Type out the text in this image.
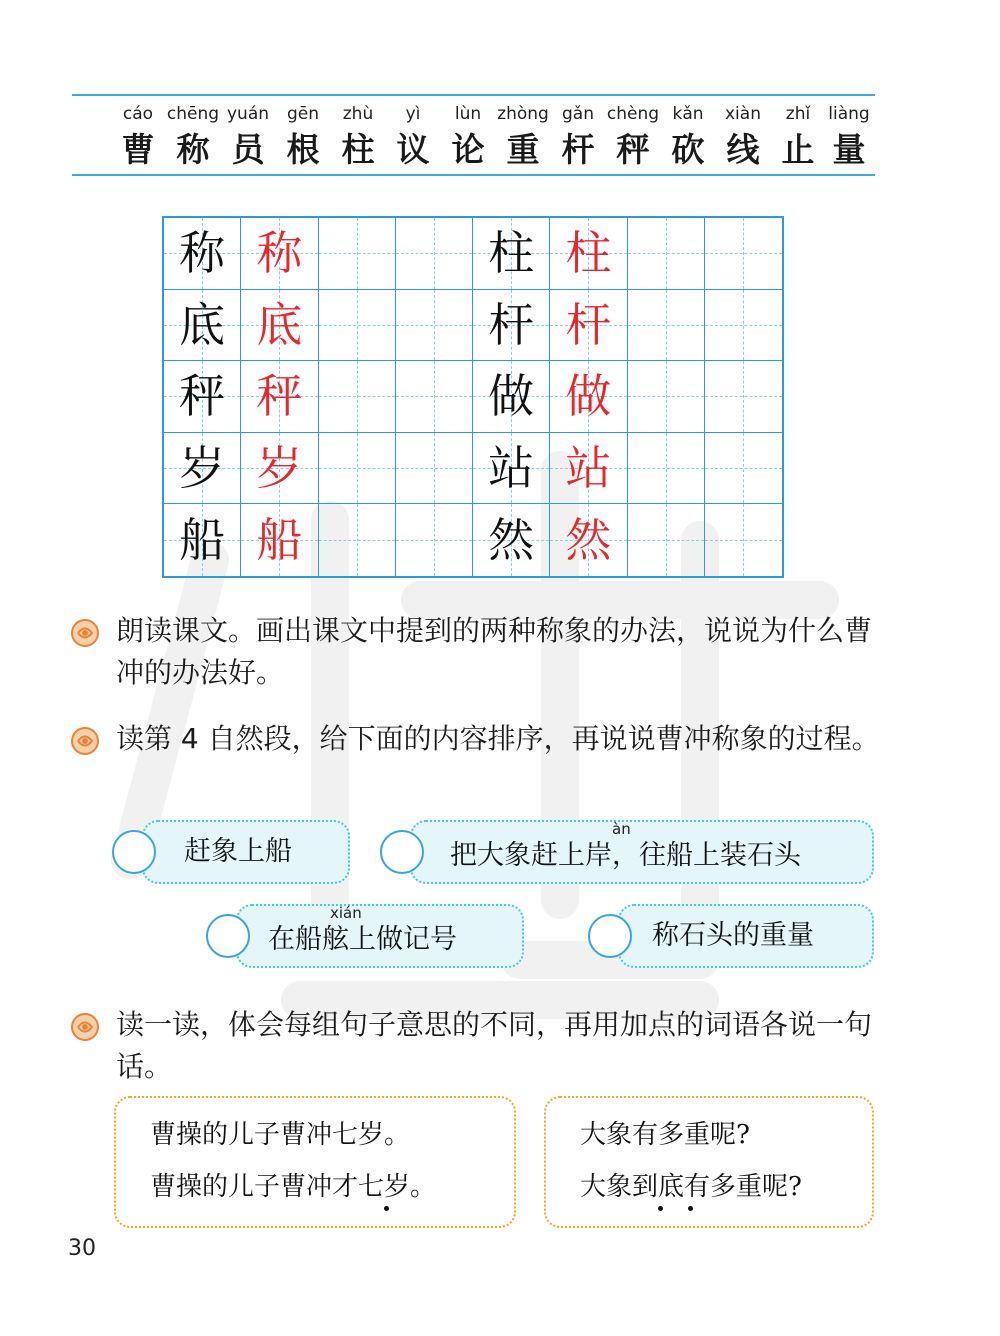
cáo
曹
chēng
称
yuán
员
gēn
根
zhù
柱
yì
议
lùn
论
zhòng
重
gǎn
杆
chèng
秤
kǎn
砍
xiàn
线
zhǐ
止
liàng
量
称 称	柱 柱
底 底	杆 杆
秤 秤	做 做
岁 岁	站 站
船 船	然 然

朗读课文。画出课文中提到的两种称象的办法，说说为什么曹冲的办法好。

读第 4 自然段，给下面的内容排序，再说说曹冲称象的过程。

赶象上船
àn
把大象赶上岸，往船上装石头
xián
在船舷上做记号	称石头的重量

读一读，体会每组句子意思的不同，再用加点的词语各说一句话。

曹操的儿子曹冲七岁。
曹操的儿子曹冲才七岁。
大象有多重呢?
大象到底有多重呢?
30
